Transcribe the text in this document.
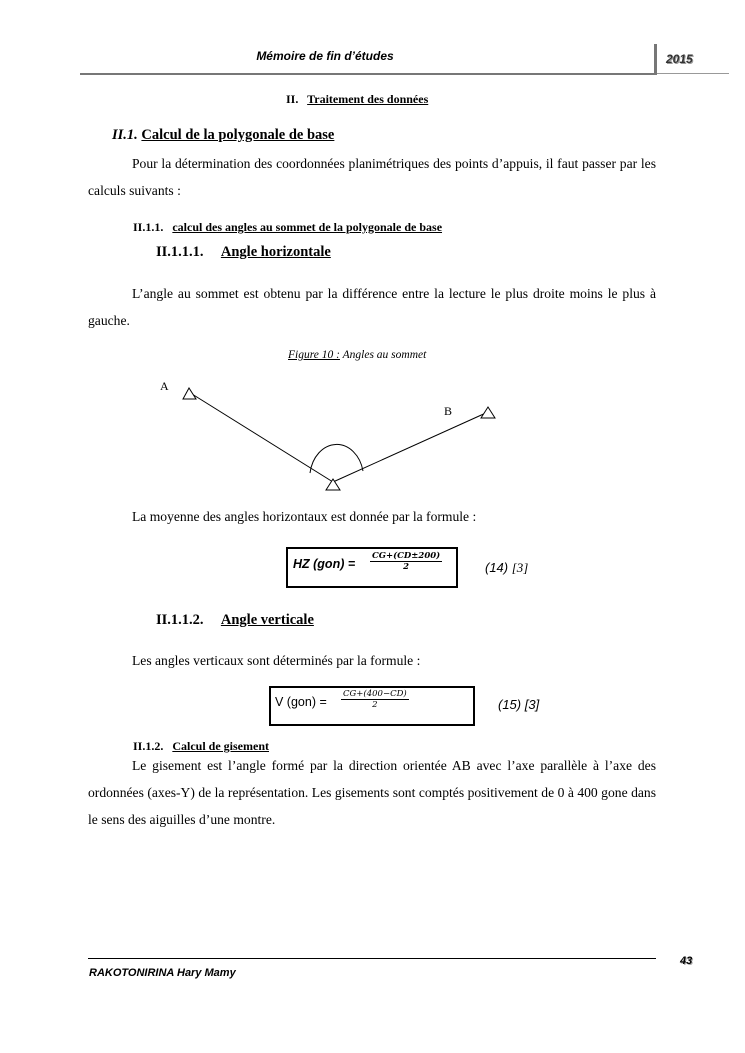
Mémoire de fin d’études	2015
II. Traitement des données
II.1. Calcul de la polygonale de base
Pour la détermination des coordonnées planimétriques des points d’appuis, il faut passer par les calculs suivants :
II.1.1. calcul des angles au sommet de la polygonale de base
II.1.1.1. Angle horizontale
L’angle au sommet est obtenu par la différence entre la lecture le plus droite moins le plus à gauche.
Figure 10 : Angles au sommet
A
B
La moyenne des angles horizontaux est donnée par la formule :
HZ $(gon) = \frac{CG+(CD\pm 200)}{2}$	(14) [3]
II.1.1.2. Angle verticale
Les angles verticaux sont déterminés par la formule :
V $(gon) = \frac{CG+(400-CD)}{2}$	(15) [3]
II.1.2. Calcul de gisement
Le gisement est l’angle formé par la direction orientée AB avec l’axe parallèle à l’axe des ordonnées (axes-Y) de la représentation. Les gisements sont comptés positivement de 0 à 400 gone dans le sens des aiguilles d’une montre.
43
RAKOTONIRINA Hary Mamy
